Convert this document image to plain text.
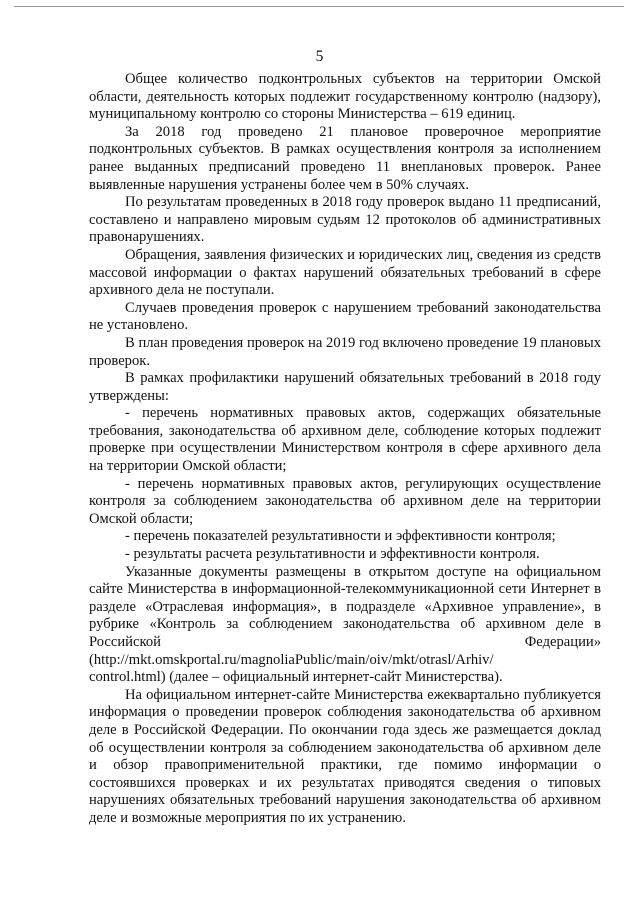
5

Общее количество подконтрольных субъектов на территории Омской области, деятельность которых подлежит государственному контролю (надзору), муниципальному контролю со стороны Министерства – 619 единиц.

За 2018 год проведено 21 плановое проверочное мероприятие подконтрольных субъектов. В рамках осуществления контроля за исполнением ранее выданных предписаний проведено 11 внеплановых проверок. Ранее выявленные нарушения устранены более чем в 50% случаях.

По результатам проведенных в 2018 году проверок выдано 11 предписаний, составлено и направлено мировым судьям 12 протоколов об административных правонарушениях.

Обращения, заявления физических и юридических лиц, сведения из средств массовой информации о фактах нарушений обязательных требований в сфере архивного дела не поступали.

Случаев проведения проверок с нарушением требований законодательства не установлено.

В план проведения проверок на 2019 год включено проведение 19 плановых проверок.

В рамках профилактики нарушений обязательных требований в 2018 году утверждены:

- перечень нормативных правовых актов, содержащих обязательные требования, законодательства об архивном деле, соблюдение которых подлежит проверке при осуществлении Министерством контроля в сфере архивного дела на территории Омской области;

- перечень нормативных правовых актов, регулирующих осуществление контроля за соблюдением законодательства об архивном деле на территории Омской области;

- перечень показателей результативности и эффективности контроля;

- результаты расчета результативности и эффективности контроля.

Указанные документы размещены в открытом доступе на официальном сайте Министерства в информационной-телекоммуникационной сети Интернет в разделе «Отраслевая информация», в подразделе «Архивное управление», в рубрике «Контроль за соблюдением законодательства об архивном деле в Российской Федерации» (http://mkt.omskportal.ru/magnoliaPublic/main/oiv/mkt/otrasl/Arhiv/
control.html) (далее – официальный интернет-сайт Министерства).

На официальном интернет-сайте Министерства ежеквартально публикуется информация о проведении проверок соблюдения законодательства об архивном деле в Российской Федерации. По окончании года здесь же размещается доклад об осуществлении контроля за соблюдением законодательства об архивном деле и обзор правоприменительной практики, где помимо информации о состоявшихся проверках и их результатах приводятся сведения о типовых нарушениях обязательных требований нарушения законодательства об архивном деле и возможные мероприятия по их устранению.
